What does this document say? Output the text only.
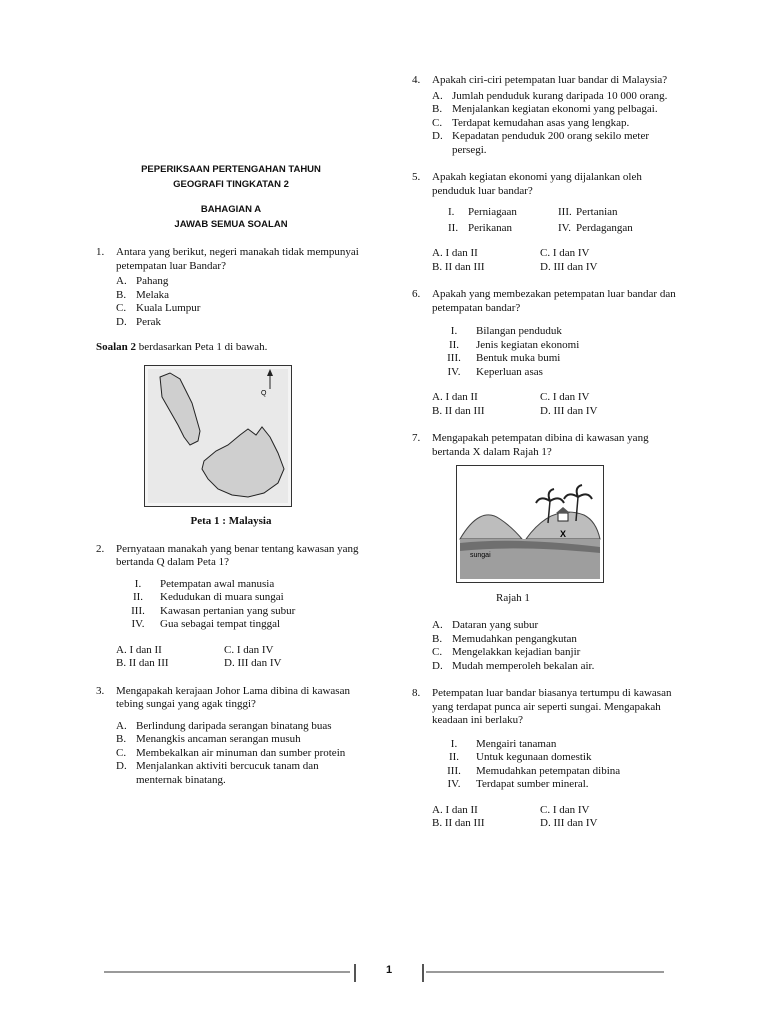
PEPERIKSAAN PERTENGAHAN TAHUN
GEOGRAFI TINGKATAN 2
BAHAGIAN A
JAWAB SEMUA SOALAN
1. Antara yang berikut, negeri manakah tidak mempunyai petempatan luar Bandar?
A. Pahang
B. Melaka
C. Kuala Lumpur
D. Perak
Soalan 2 berdasarkan Peta 1 di bawah.
Q
Peta 1 : Malaysia
2. Pernyataan manakah yang benar tentang kawasan yang bertanda Q dalam Peta 1?
I.	Petempatan awal manusia
II.	Kedudukan di muara sungai
III.	Kawasan pertanian yang subur
IV.	Gua sebagai tempat tinggal
A. I dan II	C. I dan IV
B. II dan III	D. III dan IV
3. Mengapakah kerajaan Johor Lama dibina di kawasan tebing sungai yang agak tinggi?
A. Berlindung daripada serangan binatang buas
B. Menangkis ancaman serangan musuh
C. Membekalkan air minuman dan sumber protein
D. Menjalankan aktiviti bercucuk tanam dan menternak binatang.
4. Apakah ciri-ciri petempatan luar bandar di Malaysia?
A. Jumlah penduduk kurang daripada 10 000 orang.
B. Menjalankan kegiatan ekonomi yang pelbagai.
C. Terdapat kemudahan asas yang lengkap.
D. Kepadatan penduduk 200 orang sekilo meter persegi.
5. Apakah kegiatan ekonomi yang dijalankan oleh penduduk luar bandar?
I.	Perniagaan	III. Pertanian
II. Perikanan	IV. Perdagangan
A. I dan II	C. I dan IV
B. II dan III	D. III dan IV
6. Apakah yang membezakan petempatan luar bandar dan petempatan bandar?
I.	Bilangan penduduk
II.	Jenis kegiatan ekonomi
III.	Bentuk muka bumi
IV.	Keperluan asas
A. I dan II	C. I dan IV
B. II dan III	D. III dan IV
7. Mengapakah petempatan dibina di kawasan yang bertanda X dalam Rajah 1?
sungai
X
Rajah 1
A. Dataran yang subur
B. Memudahkan pengangkutan
C. Mengelakkan kejadian banjir
D. Mudah memperoleh bekalan air.
8. Petempatan luar bandar biasanya tertumpu di kawasan yang terdapat punca air seperti sungai. Mengapakah keadaan ini berlaku?
I.	Mengairi tanaman
II.	Untuk kegunaan domestik
III.	Memudahkan petempatan dibina
IV.	Terdapat sumber mineral.
A. I dan II	C. I dan IV
B. II dan III	D. III dan IV
1
